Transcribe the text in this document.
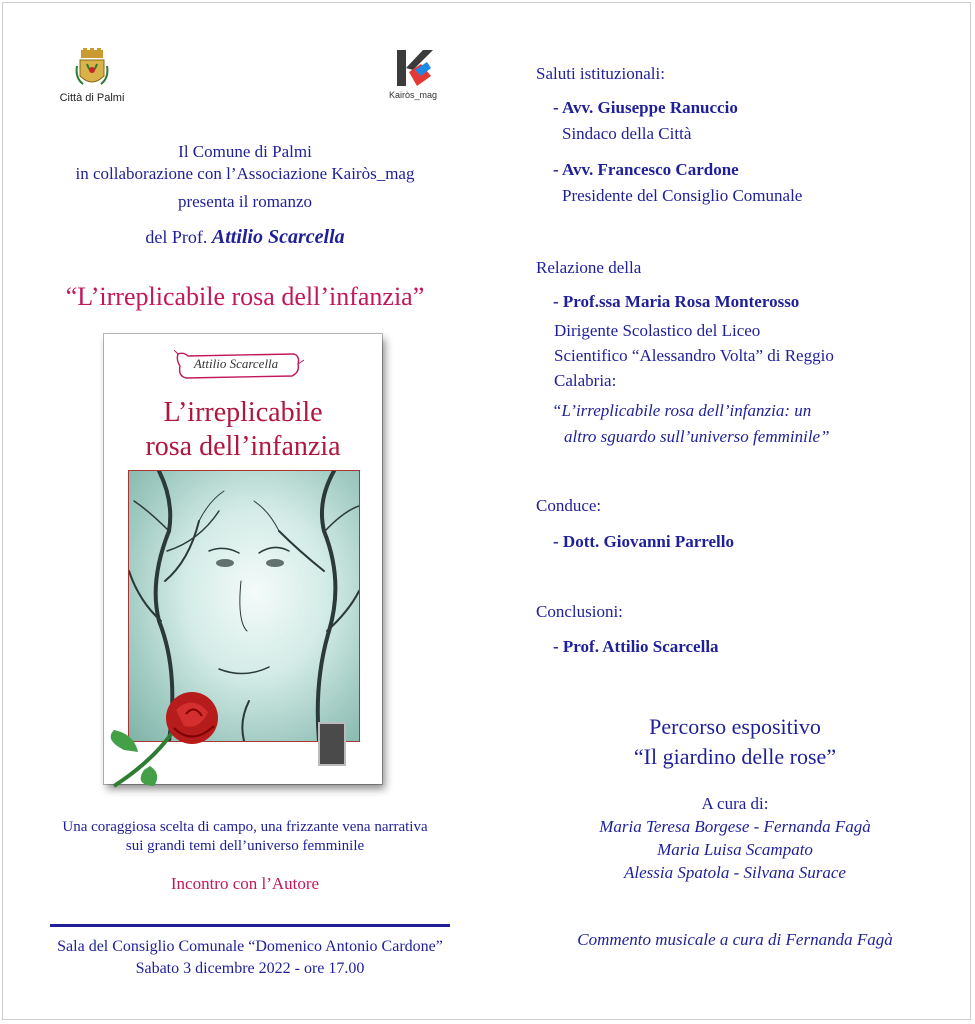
Città di Palmi	Kairòs_mag
Il Comune di Palmi
in collaborazione con l’Associazione Kairòs_mag
presenta il romanzo
del Prof. Attilio Scarcella
“L’irreplicabile rosa dell’infanzia”
Attilio Scarcella
L’irreplicabile
rosa dell’infanzia
Una coraggiosa scelta di campo, una frizzante vena narrativa
sui grandi temi dell’universo femminile
Incontro con l’Autore
Sala del Consiglio Comunale “Domenico Antonio Cardone”
Sabato 3 dicembre 2022 - ore 17.00
Saluti istituzionali:
- Avv. Giuseppe Ranuccio
Sindaco della Città
- Avv. Francesco Cardone
Presidente del Consiglio Comunale
Relazione della
- Prof.ssa Maria Rosa Monterosso
Dirigente Scolastico del Liceo
Scientifico “Alessandro Volta” di Reggio
Calabria:
“L’irreplicabile rosa dell’infanzia: un
altro sguardo sull’universo femminile”
Conduce:
- Dott. Giovanni Parrello
Conclusioni:
- Prof. Attilio Scarcella
Percorso espositivo
“Il giardino delle rose”
A cura di:
Maria Teresa Borgese - Fernanda Fagà
Maria Luisa Scampato
Alessia Spatola - Silvana Surace
Commento musicale a cura di Fernanda Fagà
